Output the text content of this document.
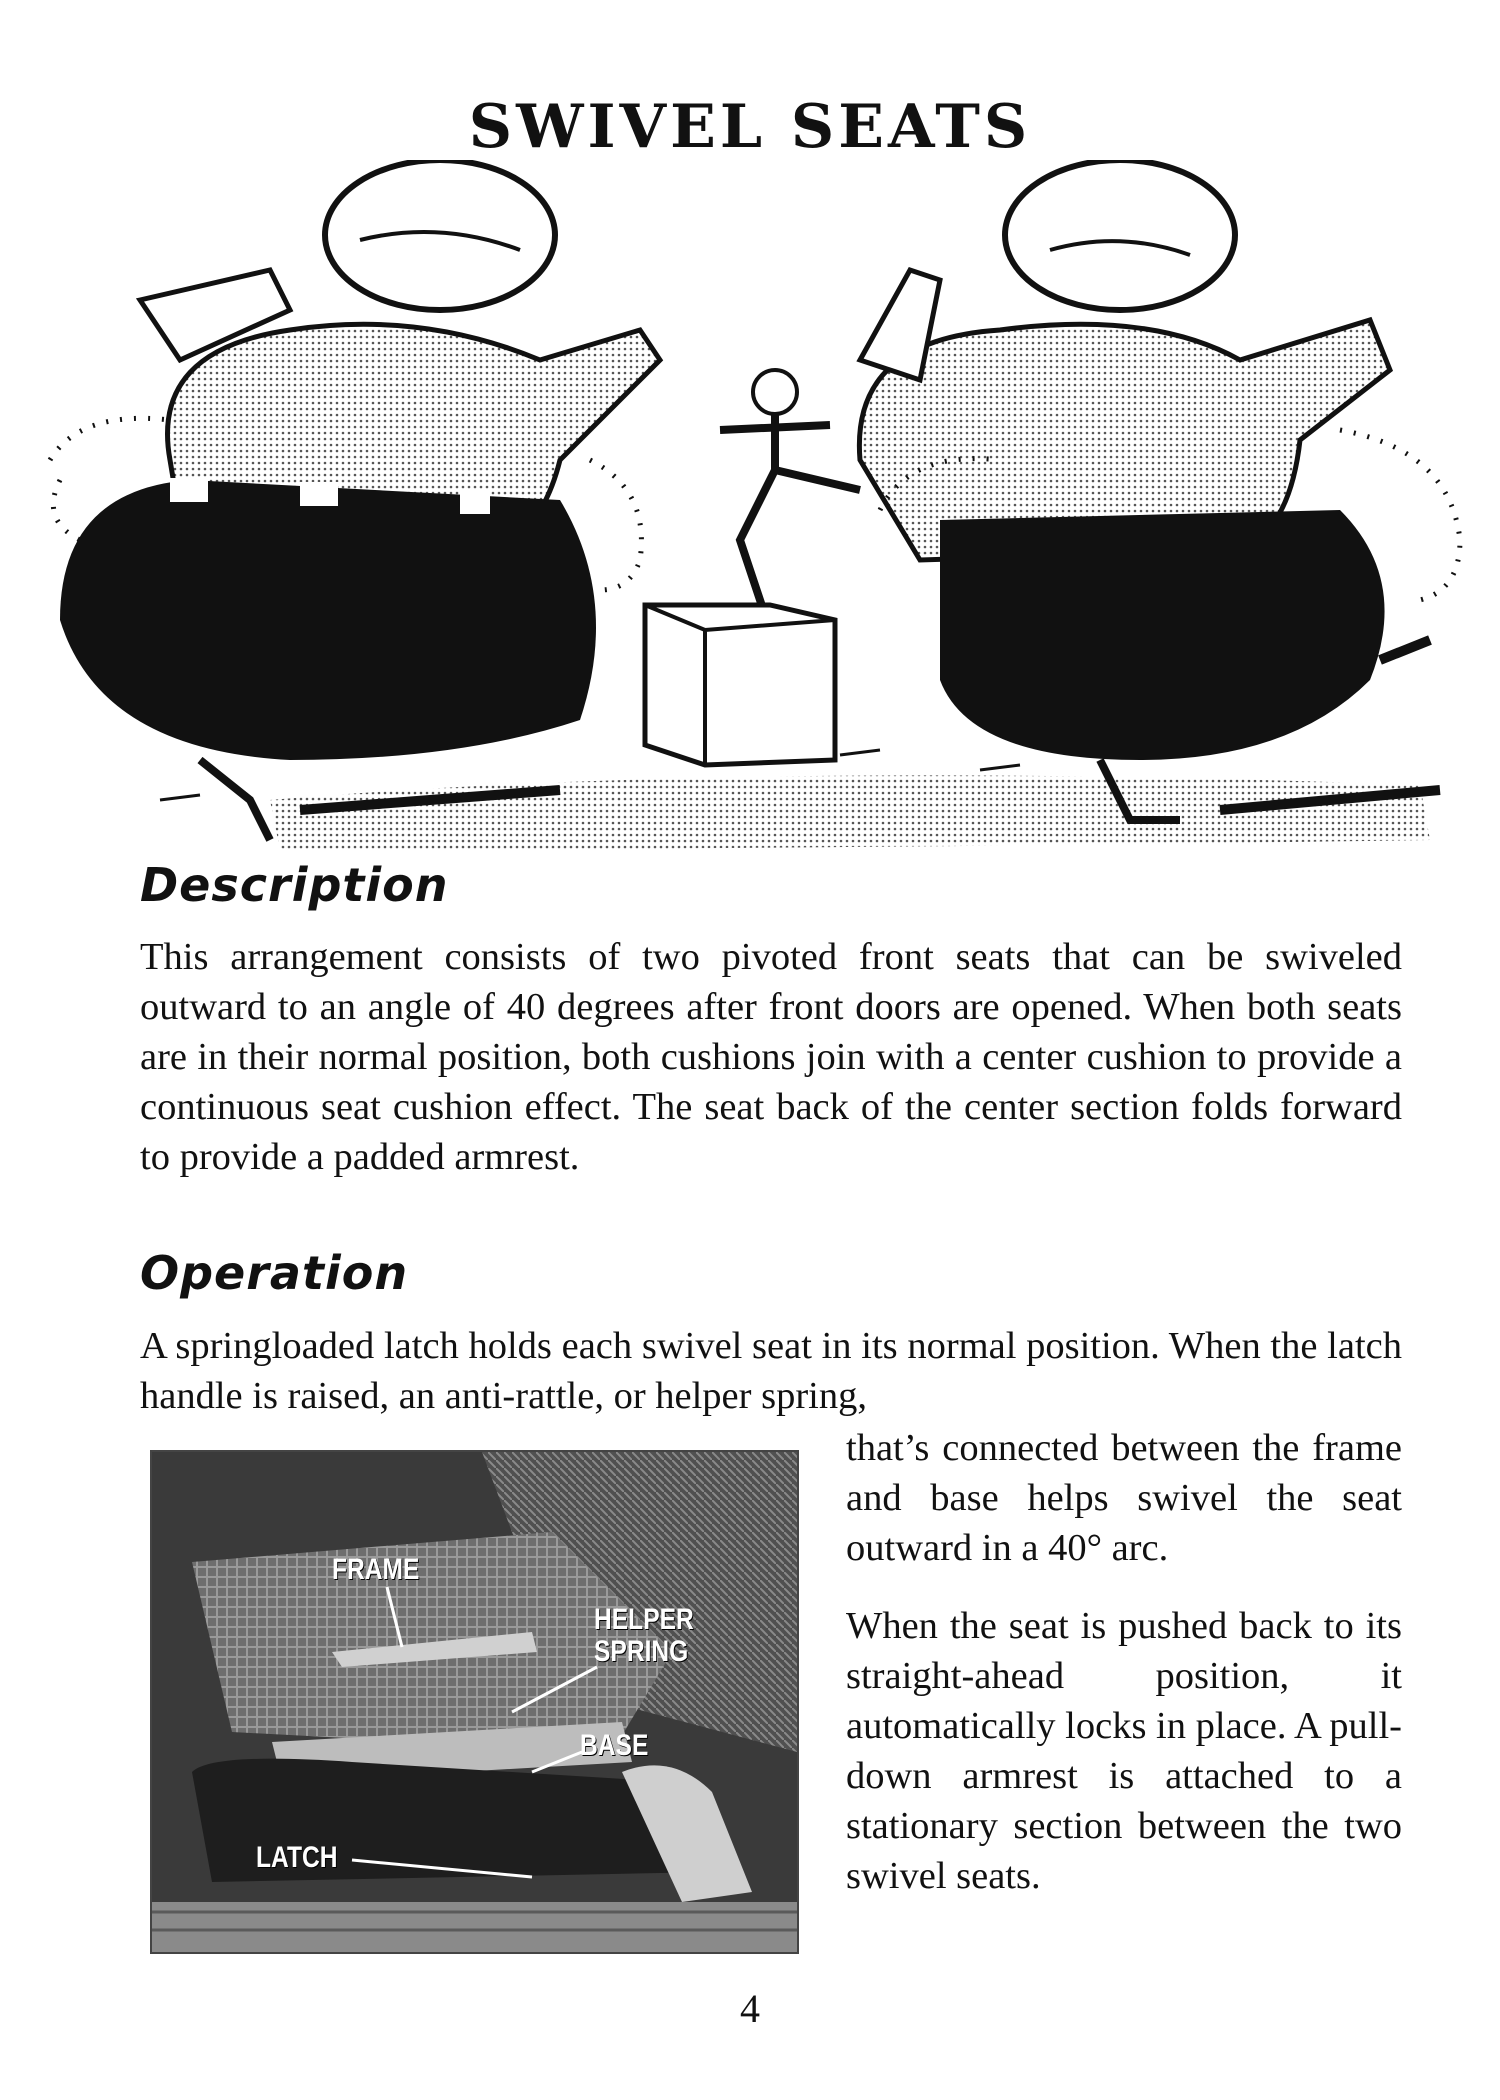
SWIVEL SEATS
Description

This arrangement consists of two pivoted front seats that can be swiveled outward to an angle of 40 degrees after front doors are opened. When both seats are in their normal position, both cushions join with a center cushion to provide a continuous seat cushion effect. The seat back of the center section folds forward to provide a padded armrest.

Operation

A springloaded latch holds each swivel seat in its normal position. When the latch handle is raised, an anti-rattle, or helper spring,

FRAME
HELPER SPRING
BASE
LATCH

that’s connected between the frame and base helps swivel the seat outward in a 40° arc.

When the seat is pushed back to its straight-ahead position, it automatically locks in place. A pull-down armrest is attached to a stationary section between the two swivel seats.

4
